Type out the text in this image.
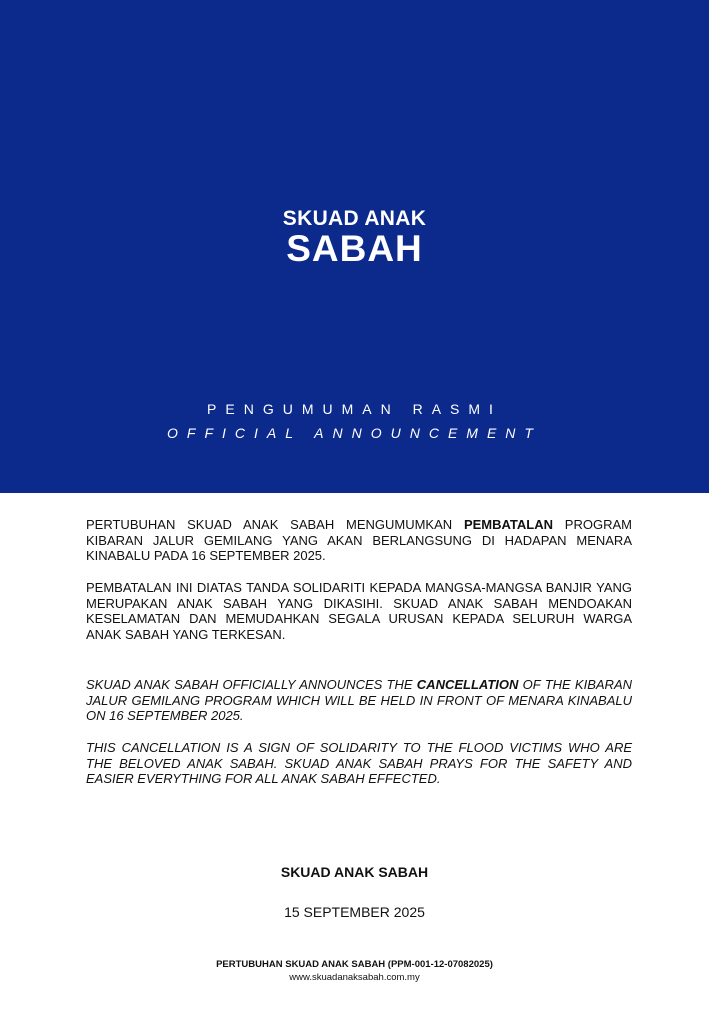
SKUAD ANAK
SABAH
PENGUMUMAN RASMI
OFFICIAL ANNOUNCEMENT

PERTUBUHAN SKUAD ANAK SABAH MENGUMUMKAN PEMBATALAN PROGRAM KIBARAN JALUR GEMILANG YANG AKAN BERLANGSUNG DI HADAPAN MENARA KINABALU PADA 16 SEPTEMBER 2025.

PEMBATALAN INI DIATAS TANDA SOLIDARITI KEPADA MANGSA-MANGSA BANJIR YANG MERUPAKAN ANAK SABAH YANG DIKASIHI. SKUAD ANAK SABAH MENDOAKAN KESELAMATAN DAN MEMUDAHKAN SEGALA URUSAN KEPADA SELURUH WARGA ANAK SABAH YANG TERKESAN.

SKUAD ANAK SABAH OFFICIALLY ANNOUNCES THE CANCELLATION OF THE KIBARAN JALUR GEMILANG PROGRAM WHICH WILL BE HELD IN FRONT OF MENARA KINABALU ON 16 SEPTEMBER 2025.

THIS CANCELLATION IS A SIGN OF SOLIDARITY TO THE FLOOD VICTIMS WHO ARE THE BELOVED ANAK SABAH. SKUAD ANAK SABAH PRAYS FOR THE SAFETY AND EASIER EVERYTHING FOR ALL ANAK SABAH EFFECTED.

SKUAD ANAK SABAH
15 SEPTEMBER 2025
PERTUBUHAN SKUAD ANAK SABAH (PPM-001-12-07082025)
www.skuadanaksabah.com.my
